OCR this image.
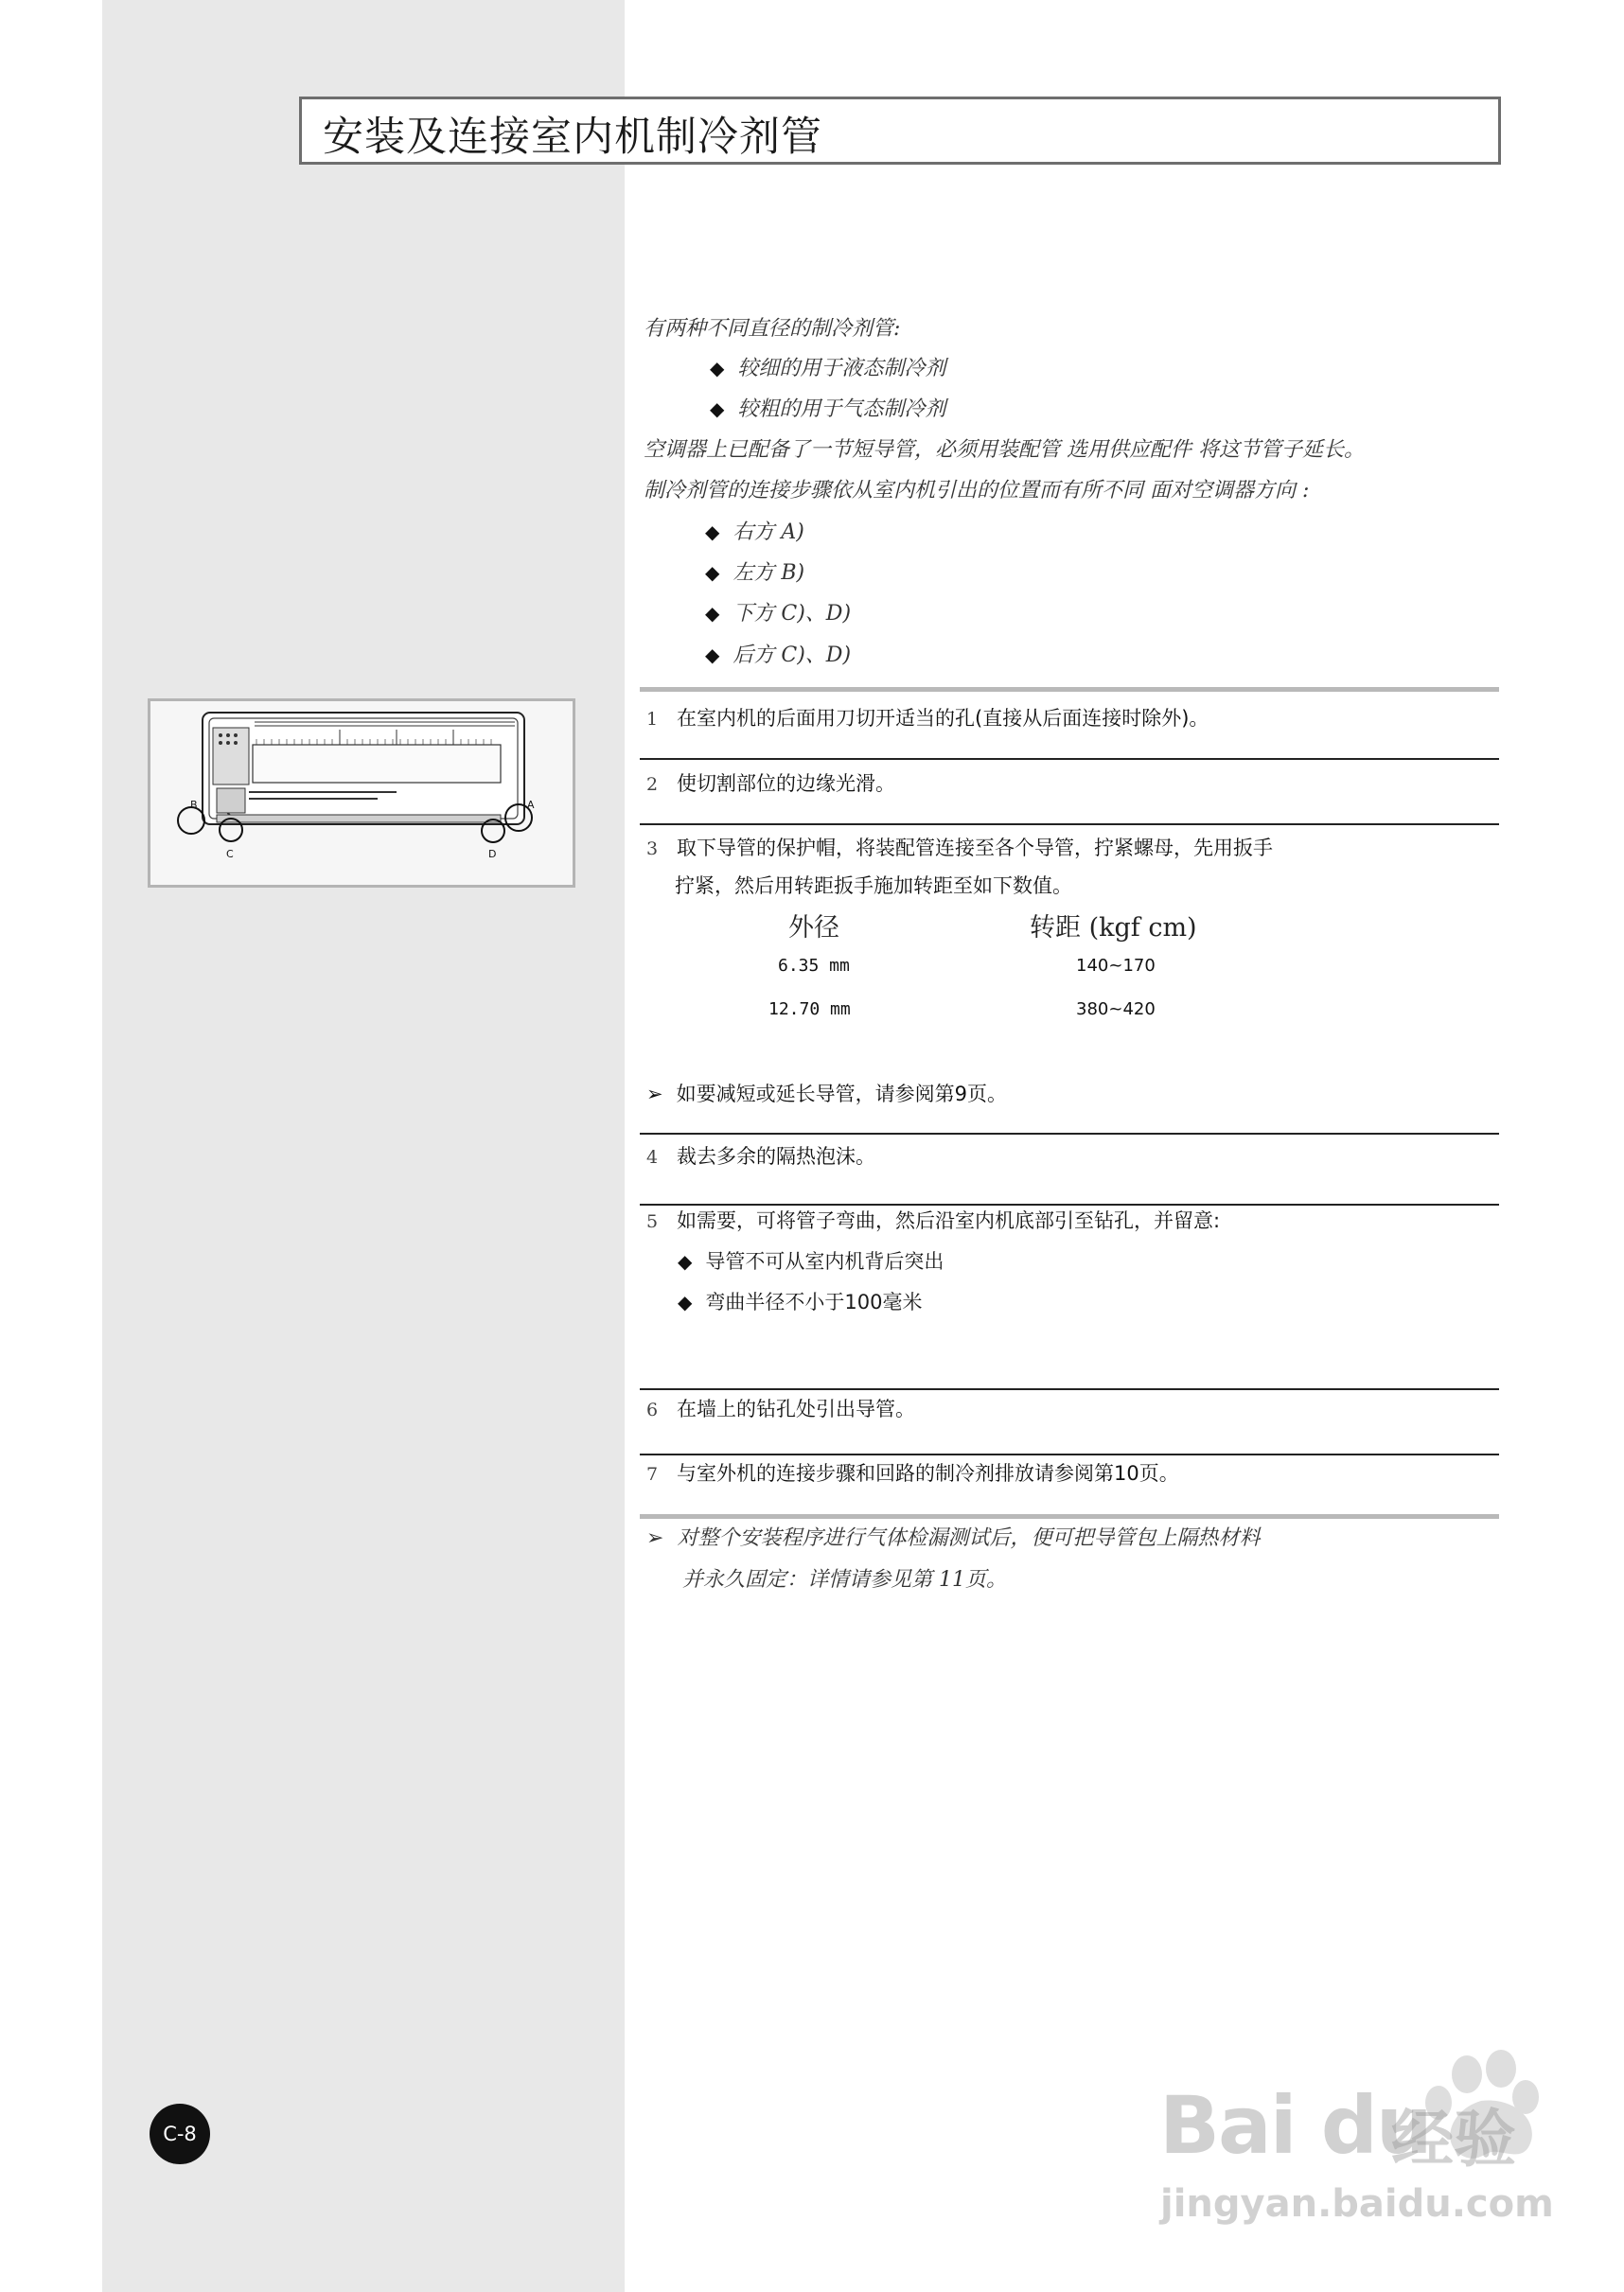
安装及连接室内机制冷剂管

有两种不同直径的制冷剂管:

◆ 较细的用于液态制冷剂

◆ 较粗的用于气态制冷剂

空调器上已配备了一节短导管，必须用装配管 选用供应配件 将这节管子延长。

制冷剂管的连接步骤依从室内机引出的位置而有所不同 面对空调器方向 :

◆ 右方 A)

◆ 左方 B)

◆ 下方 C)、D)

◆ 后方 C)、D)

B	A
C	D
1 在室内机的后面用刀切开适当的孔(直接从后面连接时除外)。
2 使切割部位的边缘光滑。
3 取下导管的保护帽，将装配管连接至各个导管，拧紧螺母，先用扳手
拧紧，然后用转距扳手施加转距至如下数值。
外径	转距 (kgf cm)
6.35 mm	140~170
12.70 mm	380~420
➢ 如要减短或延长导管，请参阅第9页。
4 裁去多余的隔热泡沫。
5 如需要，可将管子弯曲，然后沿室内机底部引至钻孔，并留意:
◆ 导管不可从室内机背后突出
◆ 弯曲半径不小于100毫米
6 在墙上的钻孔处引出导管。
7 与室外机的连接步骤和回路的制冷剂排放请参阅第10页。
➢ 对整个安装程序进行气体检漏测试后，便可把导管包上隔热材料
并永久固定：详情请参见第 11页。
C-8	Bai du
经验
jingyan.baidu.com
